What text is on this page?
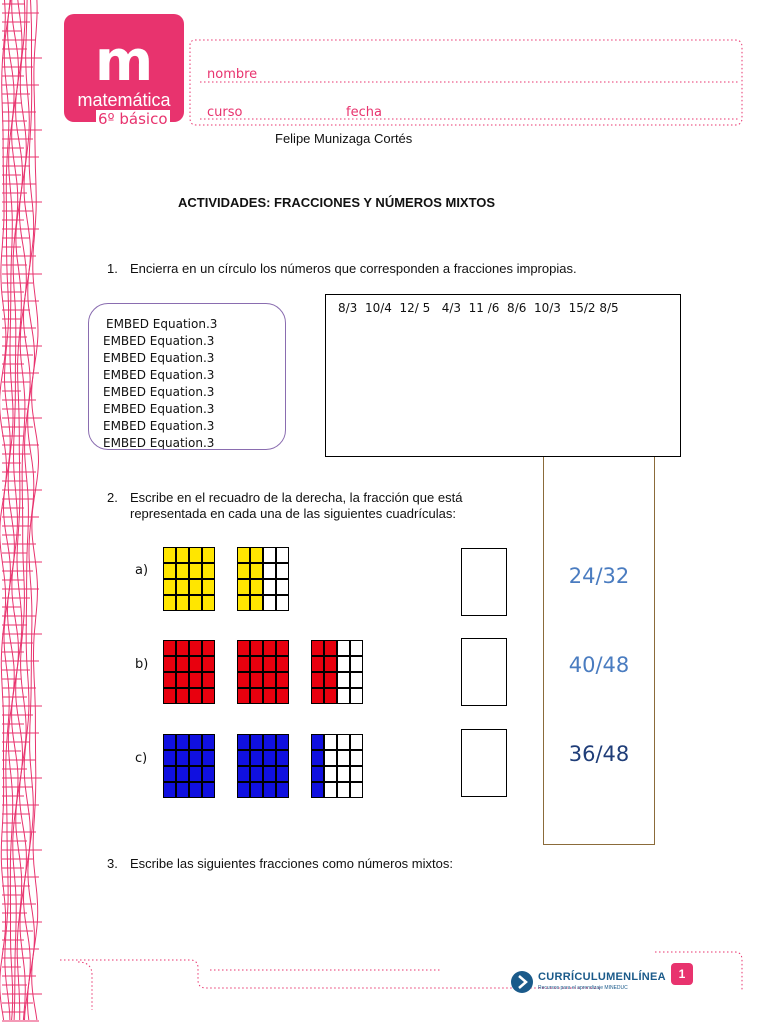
m
matemática
6º básico
nombre
curso	fecha
Felipe Munizaga Cortés
ACTIVIDADES: FRACCIONES Y NÚMEROS MIXTOS
1. Encierra en un círculo los números que corresponden a fracciones impropias.
EMBED Equation.3
EMBED Equation.3
EMBED Equation.3
EMBED Equation.3
EMBED Equation.3
EMBED Equation.3
EMBED Equation.3
EMBED Equation.3
8/3  10/4  12/ 5   4/3  11 /6  8/6  10/3  15/2 8/5
24/32
40/48
36/48
2. Escribe en el recuadro de la derecha, la fracción que está
representada en cada una de las siguientes cuadrículas:
a)
b)
c)
3. Escribe las siguientes fracciones como números mixtos:
CURRÍCULUMENLÍNEA
Recursos para el aprendizaje MINEDUC
1
